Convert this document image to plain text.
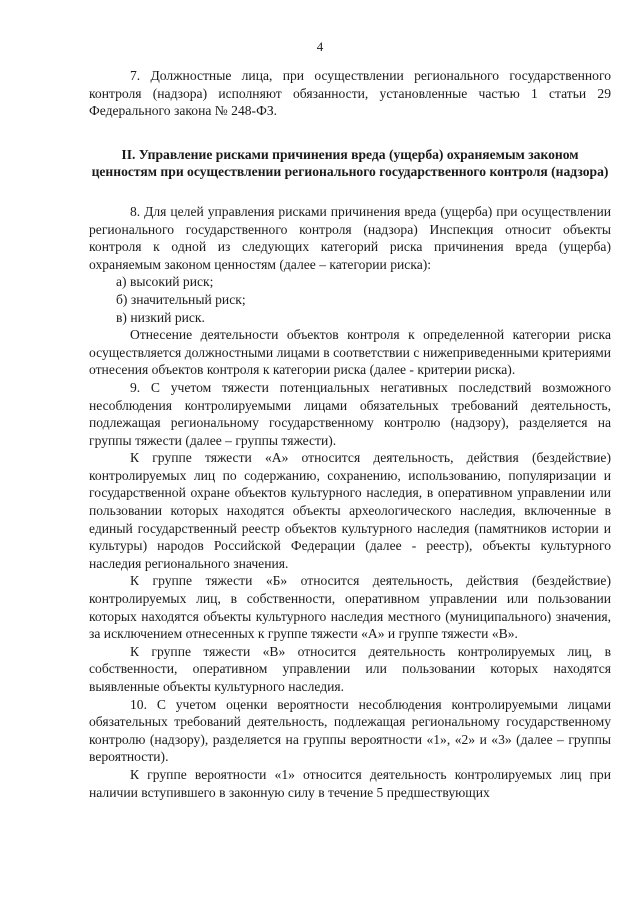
4

7. Должностные лица, при осуществлении регионального государственного контроля (надзора) исполняют обязанности, установленные частью 1 статьи 29 Федерального закона № 248-ФЗ.

II. Управление рисками причинения вреда (ущерба) охраняемым законом ценностям при осуществлении регионального государственного контроля (надзора)

8. Для целей управления рисками причинения вреда (ущерба) при осуществлении регионального государственного контроля (надзора) Инспекция относит объекты контроля к одной из следующих категорий риска причинения вреда (ущерба) охраняемым законом ценностям (далее – категории риска):

а) высокий риск;

б) значительный риск;

в) низкий риск.

Отнесение деятельности объектов контроля к определенной категории риска осуществляется должностными лицами в соответствии с нижеприведенными критериями отнесения объектов контроля к категории риска (далее - критерии риска).

9. С учетом тяжести потенциальных негативных последствий возможного несоблюдения контролируемыми лицами обязательных требований деятельность, подлежащая региональному государственному контролю (надзору), разделяется на группы тяжести (далее – группы тяжести).

К группе тяжести «А» относится деятельность, действия (бездействие) контролируемых лиц по содержанию, сохранению, использованию, популяризации и государственной охране объектов культурного наследия, в оперативном управлении или пользовании которых находятся объекты археологического наследия, включенные в единый государственный реестр объектов культурного наследия (памятников истории и культуры) народов Российской Федерации (далее - реестр), объекты культурного наследия регионального значения.

К группе тяжести «Б» относится деятельность, действия (бездействие) контролируемых лиц, в собственности, оперативном управлении или пользовании которых находятся объекты культурного наследия местного (муниципального) значения, за исключением отнесенных к группе тяжести «А» и группе тяжести «В».

К группе тяжести «В» относится деятельность контролируемых лиц, в собственности, оперативном управлении или пользовании которых находятся выявленные объекты культурного наследия.

10. С учетом оценки вероятности несоблюдения контролируемыми лицами обязательных требований деятельность, подлежащая региональному государственному контролю (надзору), разделяется на группы вероятности «1», «2» и «3» (далее – группы вероятности).

К группе вероятности «1» относится деятельность контролируемых лиц при наличии вступившего в законную силу в течение 5 предшествующих
